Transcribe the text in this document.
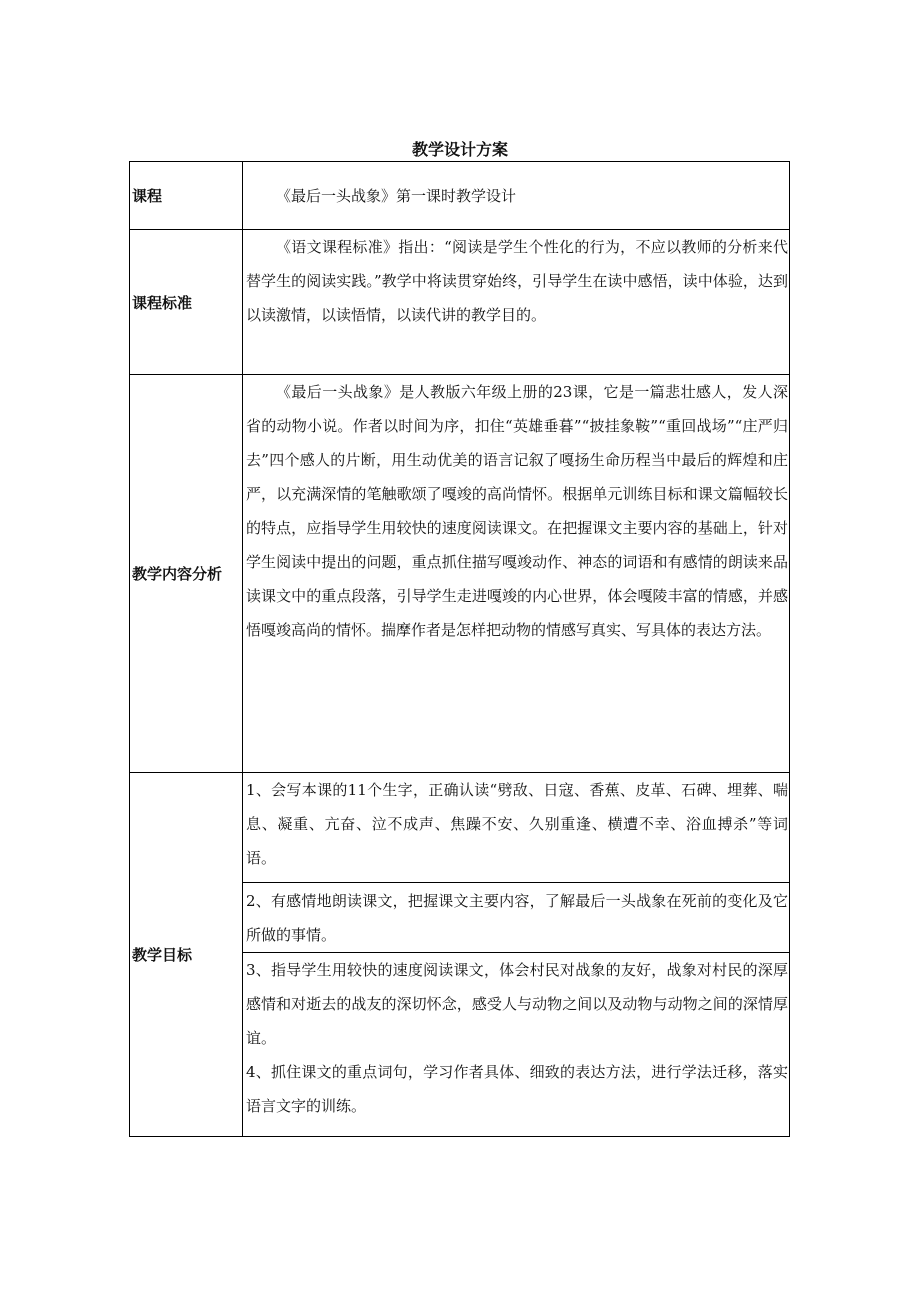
教学设计方案
课程	《最后一头战象》第一课时教学设计

课程标准	《语文课程标准》指出：“阅读是学生个性化的行为，不应以教师的分析来代替学生的阅读实践。”教学中将读贯穿始终，引导学生在读中感悟，读中体验，达到以读激情，以读悟情，以读代讲的教学目的。

教学内容分析	《最后一头战象》是人教版六年级上册的23课，它是一篇悲壮感人，发人深省的动物小说。作者以时间为序，扣住“英雄垂暮”“披挂象鞍”“重回战场”“庄严归去”四个感人的片断，用生动优美的语言记叙了嘎扬生命历程当中最后的辉煌和庄严，以充满深情的笔触歌颂了嘎竣的高尚情怀。根据单元训练目标和课文篇幅较长的特点，应指导学生用较快的速度阅读课文。在把握课文主要内容的基础上，针对学生阅读中提出的问题，重点抓住描写嘎竣动作、神态的词语和有感情的朗读来品读课文中的重点段落，引导学生走进嘎竣的内心世界，体会嘎陵丰富的情感，并感悟嘎竣高尚的情怀。揣摩作者是怎样把动物的情感写真实、写具体的表达方法。

教学目标	1、会写本课的11个生字，正确认读“劈敌、日寇、香蕉、皮革、石碑、埋葬、喘息、凝重、亢奋、泣不成声、焦躁不安、久别重逢、横遭不幸、浴血搏杀”等词语。

	2、有感情地朗读课文，把握课文主要内容，了解最后一头战象在死前的变化及它所做的事情。

	3、指导学生用较快的速度阅读课文，体会村民对战象的友好，战象对村民的深厚感情和对逝去的战友的深切怀念，感受人与动物之间以及动物与动物之间的深情厚谊。

4、抓住课文的重点词句，学习作者具体、细致的表达方法，进行学法迁移，落实语言文字的训练。
